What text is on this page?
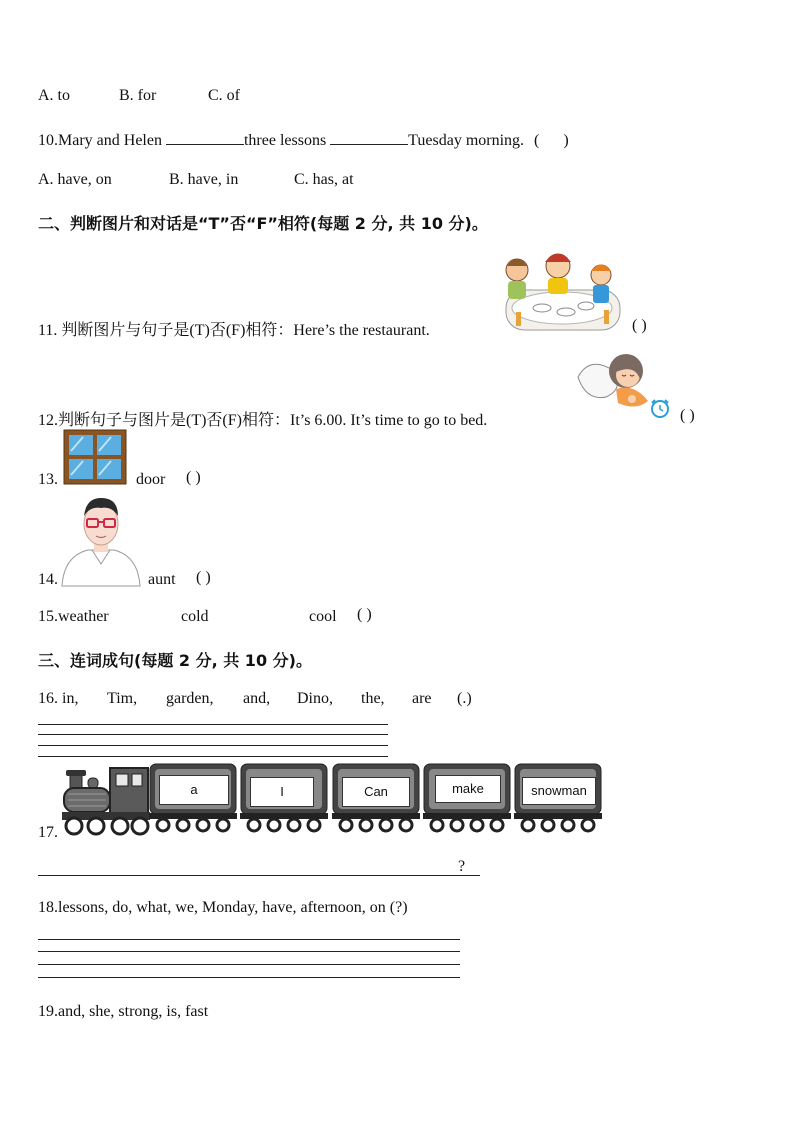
A. to	B. for	C. of
10.Mary and Helen	three lessons	Tuesday morning. ( )
A. have, on	B. have, in	C. has, at
二、判断图片和对话是“T”否“F”相符(每题 2 分, 共 10 分)。
11. 判断图片与句子是(T)否(F)相符：Here’s the restaurant.	( )
12.判断句子与图片是(T)否(F)相符：It’s 6.00. It’s time to go to bed.	( )
13.	door ( )
14.	aunt ( )
15.weather	cold	cool ( )
三、连词成句(每题 2 分, 共 10 分)。
16. in, Tim, garden, and, Dino, the, are (.)
17.
a	I	Can	make	snowman
?
18.lessons, do, what, we, Monday, have, afternoon, on (?)
19.and, she, strong, is, fast
